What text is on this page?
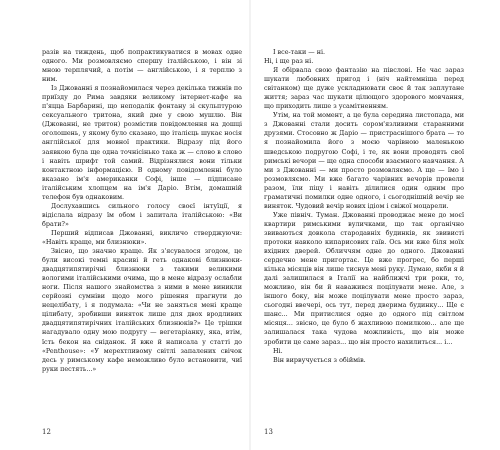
разів на тиждень, щоб попрактикуватися в мовах одне одного. Ми розмовляємо спершу італійською, і він зі мною терплячий, а потім — англійською, і я терплю з ним.

Із Джованні я познайомилася через декілька тижнів по приїзду до Рима завдяки великому інтернет-кафе на п'яцца Барбарині, що неподалік фонтану зі скульптурою сексуального тритона, який дме у свою мушлю. Він (Джованні, не тритон) розмістив повідомлення на дошці оголошень, у якому було сказано, що італієць шукає носія англійської для мовної практики. Відразу під його заявкою була ще одна точнісінько така ж — слово в слово і навіть шрифт той самий. Відрізнялися вони тільки контактною інформацією. В одному повідомленні було вказано ім'я американки Софі, інше — підписане італійським хлопцем на ім'я Даріо. Втім, домашній телефон був однаковим.

Дослухавшись сильного голосу своєї інтуїції, я відіслала відразу їм обом і запитала італійською: «Ви брати?»

Перший відписав Джованні, викличо стверджуючи: «Навіть краще, ми близнюки».

Звісно, що значно краще. Як з'ясувалося згодом, це були високі темні красиві й геть однакові близнюки-двадцятипятирічні близнюки з такими великими вологими італійськими очима, що в мене відразу ослабли ноги. Після нашого знайомства з ними в мене виникли серйозні сумніви щодо мого рішення прагнути до нецелібату, і я подумала: «Чи не заняться мені краще цілибату, зробивши виняток лише для двох вродливих двадцятипятирічних італійських близнюків?» Це трішки нагадувало одну мою подругу — вегетаріанку, яка, втім, їсть бекон на сніданок. Я вже й написала у статті до «Penthouse»: «У мерехтливому світлі запалених свічок десь у римському кафе неможливо було встановити, чиї руки пестять...»

12

І все-таки — ні.

Ні, і ще раз ні.

Я обірвала свою фантазію на півслові. Не час зараз шукати любовних пригод і (ніч найтемніша перед світанком) ще дуже ускладнювати своє й так заплутане життя; зараз час шукати цілющого здорового мовчання, що приходить лише з усамітненням.

Утім, на той момент, а це була середина листопада, ми з Джованні стали досить сором'язливими старанними друзями. Стосовно ж Даріо — пристраснішого брата — то я познайомила його з моєю чарівною маленькою шведською подругою Софі, і те, як вони проводять свої римські вечори — ще одна способи взаємного навчання. А ми з Джованні — ми просто розмовляємо. А ще — їмо і розмовляємо. Ми вже багато чарівних вечорів провели разом, їли піцу і навіть ділилися один одним про граматичні помилки одне одного, і сьогоднішній вечір не виняток. Чудовий вечір нових ідіом і свіжої моцарели.

Уже північ. Туман. Джованні проводжає мене до моєї квартири римськими вуличками, що так органічно звиваються довкола стародавніх будинків, як звивисті протоки навколо кипарисових гаїв. Ось ми вже біля моїх вхідних дверей. Обличчям одне до одного. Джованні сердечно мене пригортає. Це вже прогрес, бо перші кілька місяців він лише тиснув мені руку. Думаю, якби я й далі залишилася в Італії на найближчі три роки, то, можливо, він би й наважився поцілувати мене. Але, з іншого боку, він може поцілувати мене просто зараз, сьогодні ввечері, ось тут, перед дверима будинку... Ще є шанс... Ми притислися одне до одного під світлом місяця... звісно, це було б жахливою помилкою... але ще залишалася така чудова можливість, що він може зробити це саме зараз... що він просто нахилиться... і...

Ні.

Він вирвучується з обіймів.

13
